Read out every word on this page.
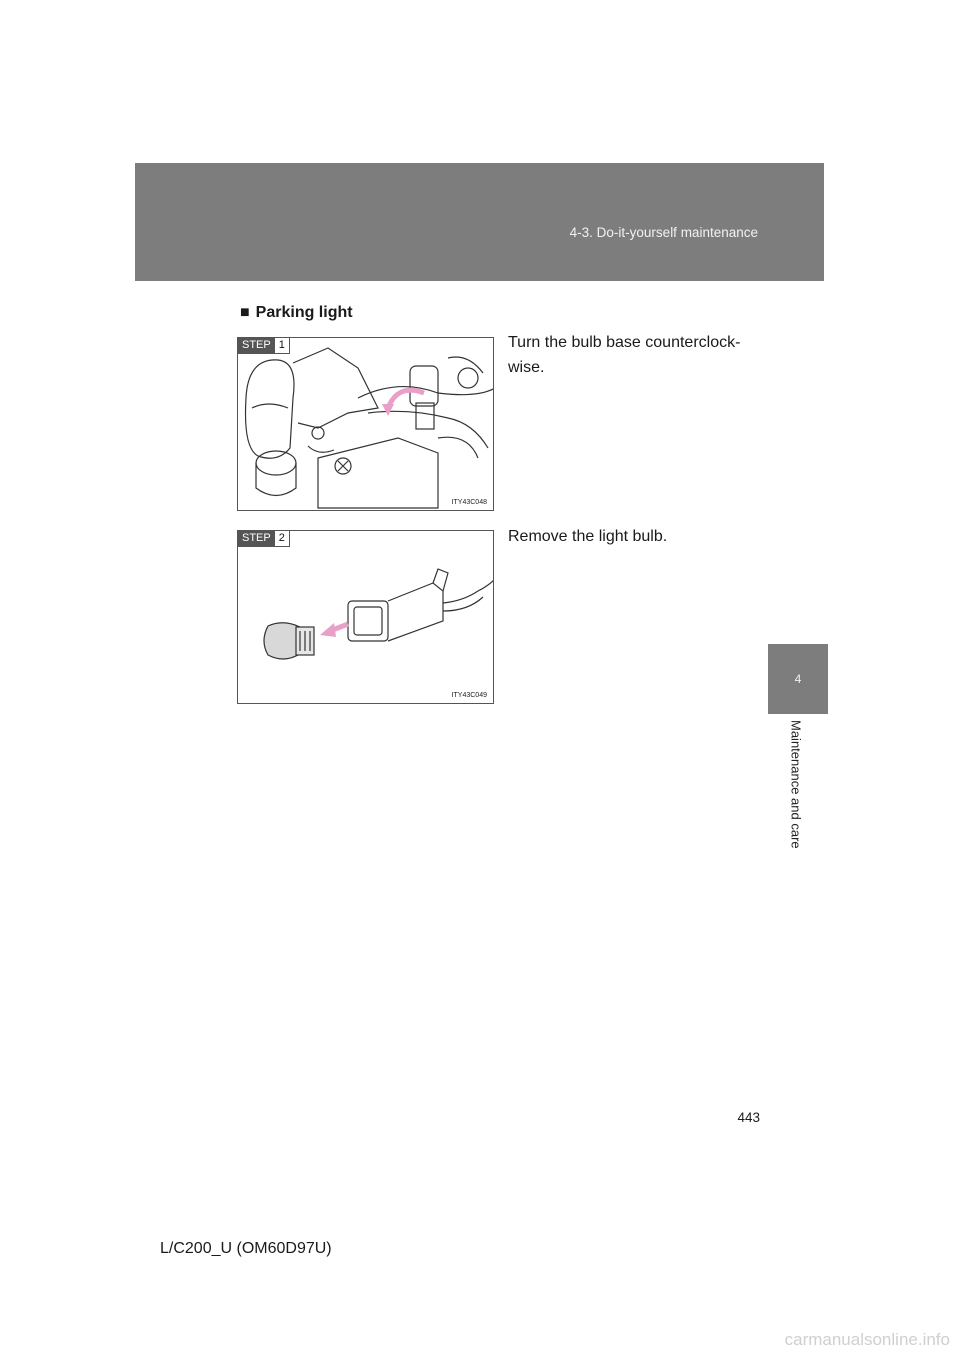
4-3. Do-it-yourself maintenance
4
Maintenance and care
■ Parking light
STEP 1
ITY43C048
Turn the bulb base counterclock-wise.
STEP 2
ITY43C049
Remove the light bulb.
443
L/C200_U (OM60D97U)
carmanualsonline.info
